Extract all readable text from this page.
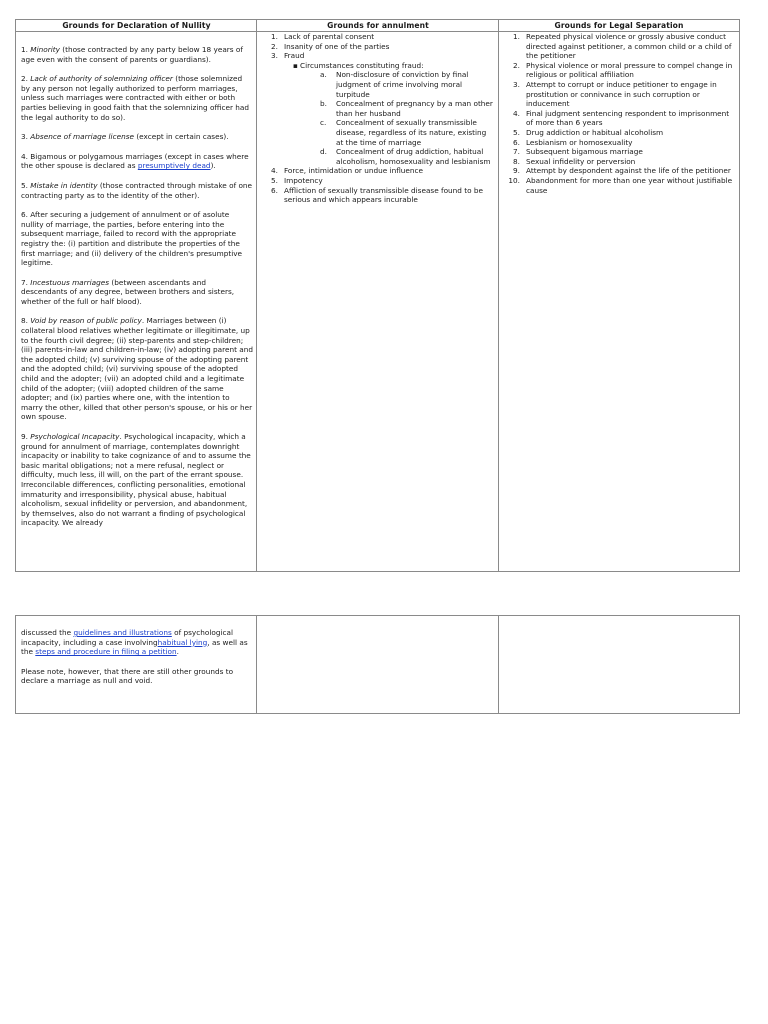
Grounds for Declaration of Nullity	Grounds for annulment	Grounds for Legal Separation

1. Minority (those contracted by any party below 18 years of age even with the consent of parents or guardians).

2. Lack of authority of solemnizing officer (those solemnized by any person not legally authorized to perform marriages, unless such marriages were contracted with either or both parties believing in good faith that the solemnizing officer had the legal authority to do so).

3. Absence of marriage license (except in certain cases).

4. Bigamous or polygamous marriages (except in cases where the other spouse is declared as presumptively dead).

5. Mistake in identity (those contracted through mistake of one contracting party as to the identity of the other).

6. After securing a judgement of annulment or of asolute nullity of marriage, the parties, before entering into the subsequent marriage, failed to record with the appropriate registry the: (i) partition and distribute the properties of the first marriage; and (ii) delivery of the children's presumptive legitime.

7. Incestuous marriages (between ascendants and descendants of any degree, between brothers and sisters, whether of the full or half blood).

8. Void by reason of public policy. Marriages between (i) collateral blood relatives whether legitimate or illegitimate, up to the fourth civil degree; (ii) step-parents and step-children; (iii) parents-in-law and children-in-law; (iv) adopting parent and the adopted child; (v) surviving spouse of the adopting parent and the adopted child; (vi) surviving spouse of the adopted child and the adopter; (vii) an adopted child and a legitimate child of the adopter; (viii) adopted children of the same adopter; and (ix) parties where one, with the intention to marry the other, killed that other person's spouse, or his or her own spouse.

9. Psychological Incapacity. Psychological incapacity, which a ground for annulment of marriage, contemplates downright incapacity or inability to take cognizance of and to assume the basic marital obligations; not a mere refusal, neglect or difficulty, much less, ill will, on the part of the errant spouse. Irreconcilable differences, conflicting personalities, emotional immaturity and irresponsibility, physical abuse, habitual alcoholism, sexual infidelity or perversion, and abandonment, by themselves, also do not warrant a finding of psychological incapacity. We already

1. Lack of parental consent
2. Insanity of one of the parties
3. Fraud
▪ Circumstances constituting fraud:
a. Non-disclosure of conviction by final judgment of crime involving moral turpitude
b. Concealment of pregnancy by a man other than her husband
c. Concealment of sexually transmissible disease, regardless of its nature, existing at the time of marriage
d. Concealment of drug addiction, habitual alcoholism, homosexuality and lesbianism
4. Force, intimidation or undue influence
5. Impotency
6. Affliction of sexually transmissible disease found to be serious and which appears incurable
1. Repeated physical violence or grossly abusive conduct directed against petitioner, a common child or a child of the petitioner
2. Physical violence or moral pressure to compel change in religious or political affiliation
3. Attempt to corrupt or induce petitioner to engage in prostitution or connivance in such corruption or inducement
4. Final judgment sentencing respondent to imprisonment of more than 6 years
5. Drug addiction or habitual alcoholism
6. Lesbianism or homosexuality
7. Subsequent bigamous marriage
8. Sexual infidelity or perversion
9. Attempt by despondent against the life of the petitioner
10. Abandonment for more than one year without justifiable cause

discussed the guidelines and illustrations of psychological incapacity, including a case involvinghabitual lying, as well as the steps and procedure in filing a petition.

Please note, however, that there are still other grounds to declare a marriage as null and void.
